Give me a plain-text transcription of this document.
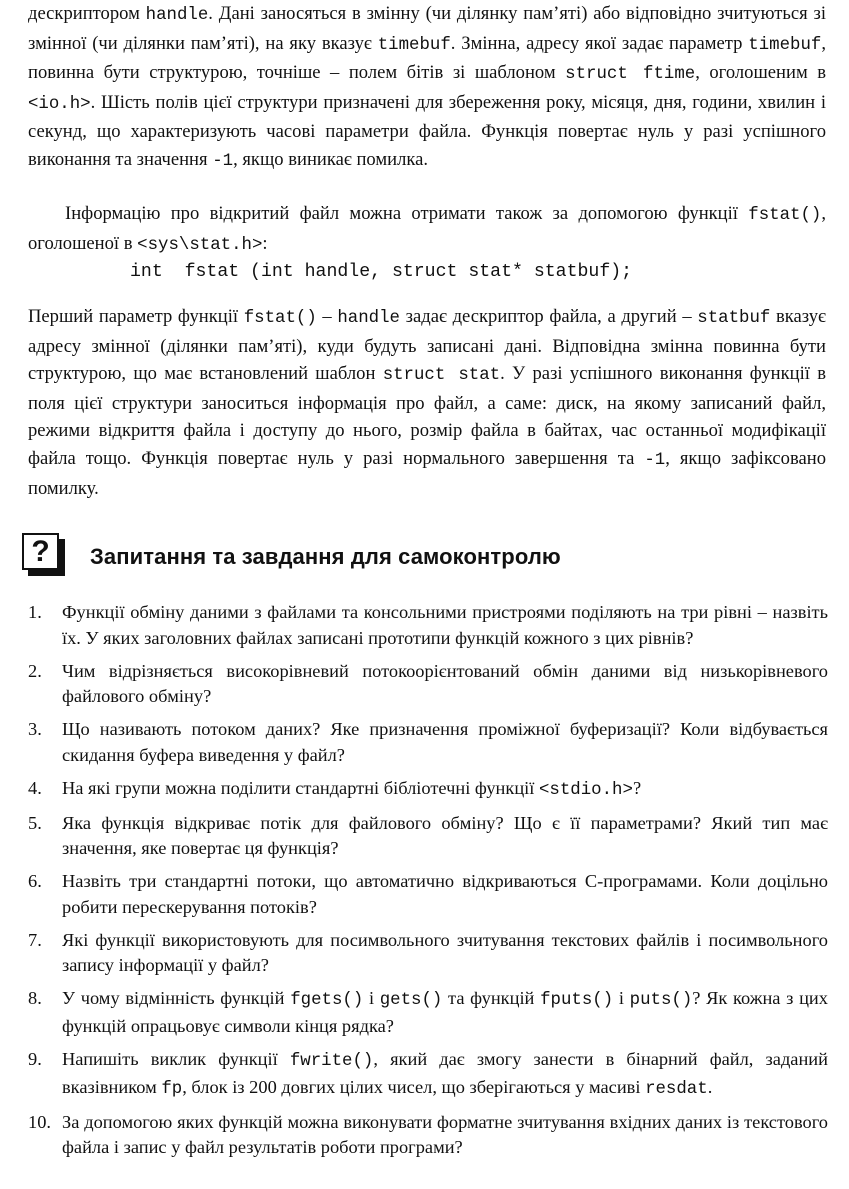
дескриптором handle. Дані заносяться в змінну (чи ділянку пам’яті) або відповідно зчитуються зі змінної (чи ділянки пам’яті), на яку вказує timebuf. Змінна, адресу якої задає параметр timebuf, повинна бути структурою, точніше – полем бітів зі шаблоном struct ftime, оголошеним в <io.h>. Шість полів цієї структури призначені для збереження року, місяця, дня, години, хвилин і секунд, що характеризують часові параметри файла. Функція повертає нуль у разі успішного виконання та значення -1, якщо виникає помилка.

Інформацію про відкритий файл можна отримати також за допомогою функції fstat(), оголошеної в <sys\stat.h>:

int  fstat (int handle, struct stat* statbuf);

Перший параметр функції fstat() – handle задає дескриптор файла, а другий – statbuf вказує адресу змінної (ділянки пам’яті), куди будуть записані дані. Відповідна змінна повинна бути структурою, що має встановлений шаблон struct stat. У разі успішного виконання функції в поля цієї структури заноситься інформація про файл, а саме: диск, на якому записаний файл, режими відкриття файла і доступу до нього, розмір файла в байтах, час останньої модифікації файла тощо. Функція повертає нуль у разі нормального завершення та -1, якщо зафіксовано помилку.

?	Запитання та завдання для самоконтролю
1.	Функції обміну даними з файлами та консольними пристроями поділяють на три рівні – назвіть їх. У яких заголовних файлах записані прототипи функцій кожного з цих рівнів?
2.	Чим відрізняється високорівневий потокоорієнтований обмін даними від низькорівневого файлового обміну?
3.	Що називають потоком даних? Яке призначення проміжної буферизації? Коли відбувається скидання буфера виведення у файл?
4.	На які групи можна поділити стандартні бібліотечні функції <stdio.h>?
5.	Яка функція відкриває потік для файлового обміну? Що є її параметрами? Який тип має значення, яке повертає ця функція?
6.	Назвіть три стандартні потоки, що автоматично відкриваються С-програмами. Коли доцільно робити перескерування потоків?
7.	Які функції використовують для посимвольного зчитування текстових файлів і посимвольного запису інформації у файл?
8.	У чому відмінність функцій fgets() і gets() та функцій fputs() і puts()? Як кожна з цих функцій опрацьовує символи кінця рядка?
9.	Напишіть виклик функції fwrite(), який дає змогу занести в бінарний файл, заданий вказівником fp, блок із 200 довгих цілих чисел, що зберігаються у масиві resdat.
10. За допомогою яких функцій можна виконувати форматне зчитування вхідних даних із текстового файла і запис у файл результатів роботи програми?
